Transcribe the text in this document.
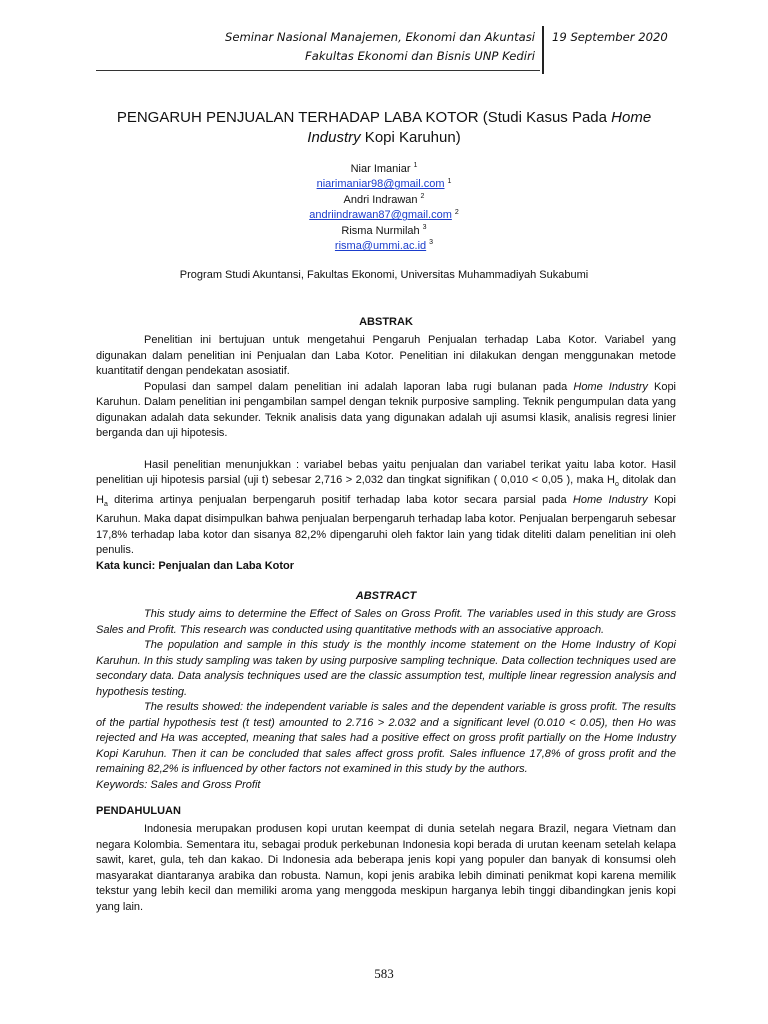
Seminar Nasional Manajemen, Ekonomi dan Akuntasi
Fakultas Ekonomi dan Bisnis UNP Kediri
19 September 2020
PENGARUH PENJUALAN TERHADAP LABA KOTOR (Studi Kasus Pada Home
Industry Kopi Karuhun)
Niar Imaniar $^1$
niarimaniar98@gmail.com $^1$
Andri Indrawan $^2$
andriindrawan87@gmail.com $^2$
Risma Nurmilah $^3$
risma@ummi.ac.id $^3$
Program Studi Akuntansi, Fakultas Ekonomi, Universitas Muhammadiyah Sukabumi
ABSTRAK

Penelitian ini bertujuan untuk mengetahui Pengaruh Penjualan terhadap Laba Kotor. Variabel yang digunakan dalam penelitian ini Penjualan dan Laba Kotor. Penelitian ini dilakukan dengan menggunakan metode kuantitatif dengan pendekatan asosiatif.

Populasi dan sampel dalam penelitian ini adalah laporan laba rugi bulanan pada Home Industry Kopi Karuhun. Dalam penelitian ini pengambilan sampel dengan teknik purposive sampling. Teknik pengumpulan data yang digunakan adalah data sekunder. Teknik analisis data yang digunakan adalah uji asumsi klasik, analisis regresi linier berganda dan uji hipotesis.

Hasil penelitian menunjukkan : variabel bebas yaitu penjualan dan variabel terikat yaitu laba kotor. Hasil penelitian uji hipotesis parsial (uji t) sebesar 2,716 > 2,032 dan tingkat signifikan ( 0,010 < 0,05 ), maka $H_o$ ditolak dan $H_a$ diterima artinya penjualan berpengaruh positif terhadap laba kotor secara parsial pada Home Industry Kopi Karuhun. Maka dapat disimpulkan bahwa penjualan berpengaruh terhadap laba kotor. Penjualan berpengaruh sebesar 17,8% terhadap laba kotor dan sisanya 82,2% dipengaruhi oleh faktor lain yang tidak diteliti dalam penelitian ini oleh penulis.

Kata kunci: Penjualan dan Laba Kotor
ABSTRACT

This study aims to determine the Effect of Sales on Gross Profit. The variables used in this study are Gross Sales and Profit. This research was conducted using quantitative methods with an associative approach.

The population and sample in this study is the monthly income statement on the Home Industry of Kopi Karuhun. In this study sampling was taken by using purposive sampling technique. Data collection techniques used are secondary data. Data analysis techniques used are the classic assumption test, multiple linear regression analysis and hypothesis testing.

The results showed: the independent variable is sales and the dependent variable is gross profit. The results of the partial hypothesis test (t test) amounted to 2.716 > 2.032 and a significant level (0.010 < 0.05), then Ho was rejected and Ha was accepted, meaning that sales had a positive effect on gross profit partially on the Home Industry Kopi Karuhun. Then it can be concluded that sales affect gross profit. Sales influence 17,8% of gross profit and the remaining 82,2% is influenced by other factors not examined in this study by the authors.

Keywords: Sales and Gross Profit

PENDAHULUAN

Indonesia merupakan produsen kopi urutan keempat di dunia setelah negara Brazil, negara Vietnam dan negara Kolombia. Sementara itu, sebagai produk perkebunan Indonesia kopi berada di urutan keenam setelah kelapa sawit, karet, gula, teh dan kakao. Di Indonesia ada beberapa jenis kopi yang populer dan banyak di konsumsi oleh masyarakat diantaranya arabika dan robusta. Namun, kopi jenis arabika lebih diminati penikmat kopi karena memilik tekstur yang lebih kecil dan memiliki aroma yang menggoda meskipun harganya lebih tinggi dibandingkan jenis kopi yang lain.

583
